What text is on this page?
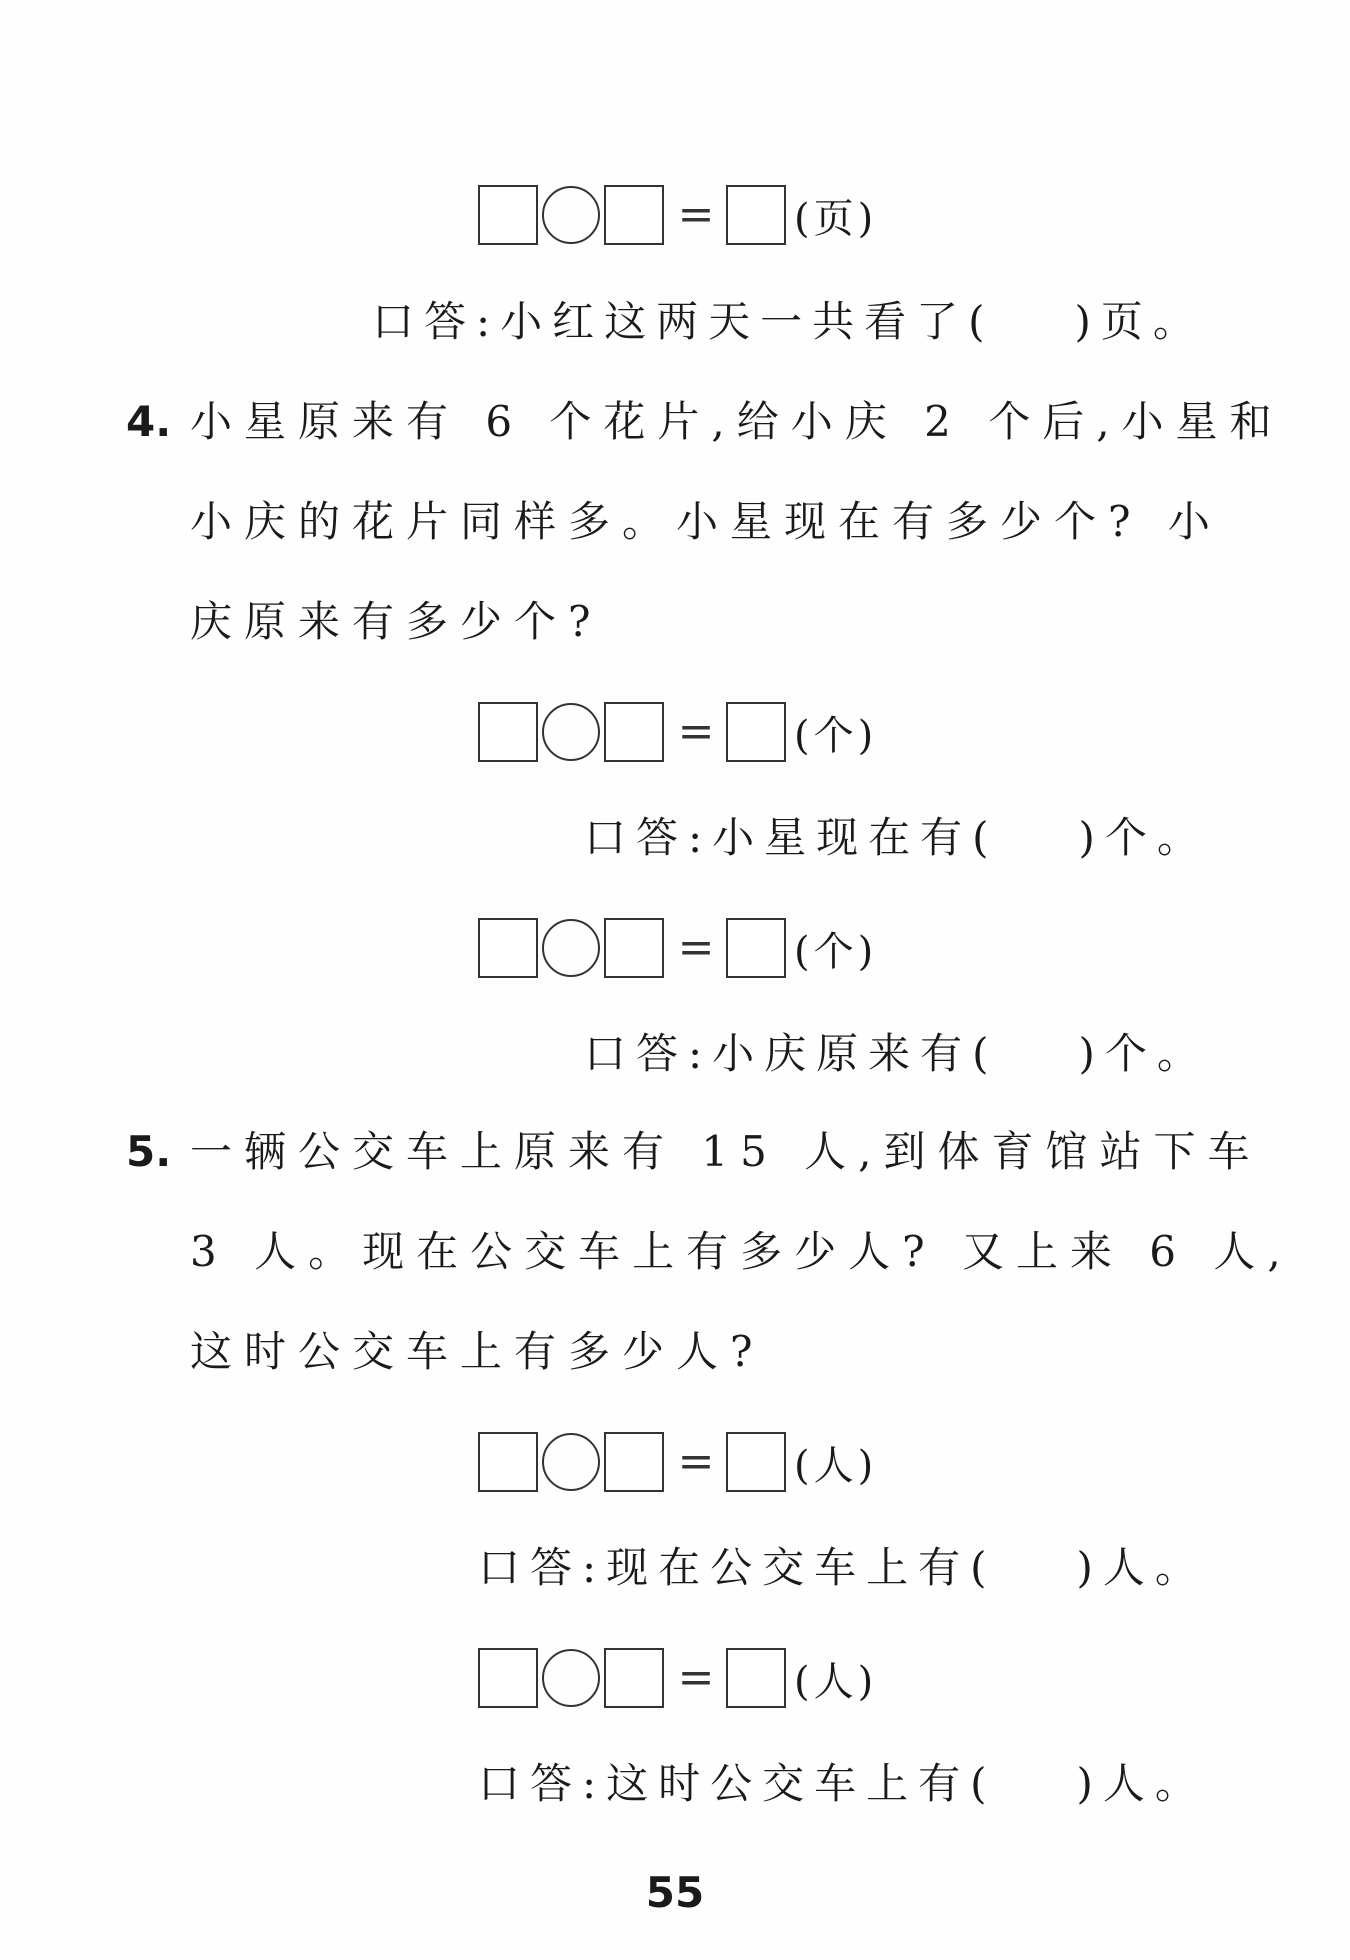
= (页)
口答:小红这两天一共看了( )页。
4. 小星原来有 6 个花片,给小庆 2 个后,小星和
小庆的花片同样多。小星现在有多少个? 小
庆原来有多少个?
= (个)
口答:小星现在有( )个。
= (个)
口答:小庆原来有( )个。
5. 一辆公交车上原来有 15 人,到体育馆站下车
3 人。现在公交车上有多少人? 又上来 6 人,
这时公交车上有多少人?
= (人)
口答:现在公交车上有( )人。
= (人)
口答:这时公交车上有( )人。
55
